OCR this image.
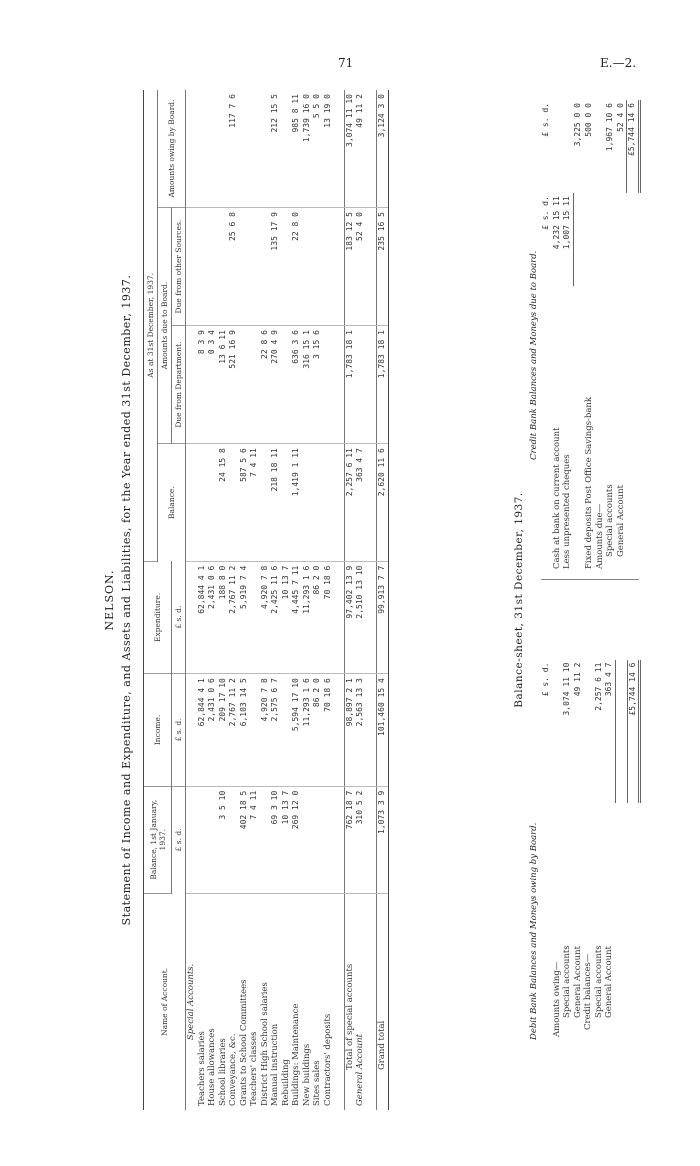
71	E.—2.
NELSON. Statement of Income and Expenditure, and Assets and Liabilities, for the Year ended 31st December, 1937.
Name of Account.	Balance, 1st January, 1937.	Income.	Expenditure.	As at 31st December, 1937.			
				Balance.	Amounts due to Board.		Amounts owing by Board.
	£ s. d.	£ s. d.	£ s. d.		Due from Department.	Due from other Sources.	
Special Accounts.							
Teachers salaries		62,844 4 1	62,844 4 1		8 3 9		
House allowances		2,431 0 6	2,431 0 6		0 3 4		
School libraries	3 5 10	209 17 10	188 8 0	24 15 8	13 6 11		
Conveyance, &c.		2,767 11 2	2,767 11 2		521 16 9	25 6 8	117 7 6
Grants to School Committees	402 18 5	6,103 14 5	5,919 7 4	587 5 6			
Teachers' classes	7 4 11			7 4 11			
District High School salaries		4,920 7 8	4,920 7 8		22 8 6		
Manual instruction	69 3 10	2,575 6 7	2,425 11 6	218 18 11	270 4 9	135 17 9	212 15 5
Rebuilding	10 13 7		10 13 7				
Buildings: Maintenance	269 12 0	5,594 17 10	4,445 7 11	1,419 1 11	636 3 6	22 8 0	985 8 11
New buildings		11,293 1 6	11,293 1 6		316 15 1		1,739 16 0
Sites sales		86 2 0	86 2 0		3 15 6		5 5 0
Contractors' deposits		70 18 6	70 18 6				13 19 0

Total of special accounts	762 18 7	98,897 2 1	97,402 13 9	2,257 6 11	1,783 18 1	183 12 5	3,074 11 10
General Account	310 5 2	2,563 13 3	2,510 13 10	363 4 7		52 4 0	49 11 2

Grand total	1,073 3 9	101,460 15 4	99,913 7 7	2,620 11 6	1,783 18 1	235 16 5	3,124 3 0
Balance-sheet, 31st December, 1937.
Debit Bank Balances and Moneys owing by Board.
Credit Bank Balances and Moneys due to Board.
	£ s. d.	
Amounts owing—		
Special accounts	3,074 11 10	
General Account	49 11 2	
Credit balances—		
Special accounts	2,257 6 11	
General Account	363 4 7	

	£5,744 14 6	
	£ s. d.	£ s. d.
Cash at bank on current account	4,232 15 11	
Less unpresented cheques	1,007 15 11	
		3,225 0 0
Fixed deposits Post Office Savings-bank		500 0 0
Amounts due—		
Special accounts		1,967 10 6
General Account		52 4 0
		£5,744 14 6
